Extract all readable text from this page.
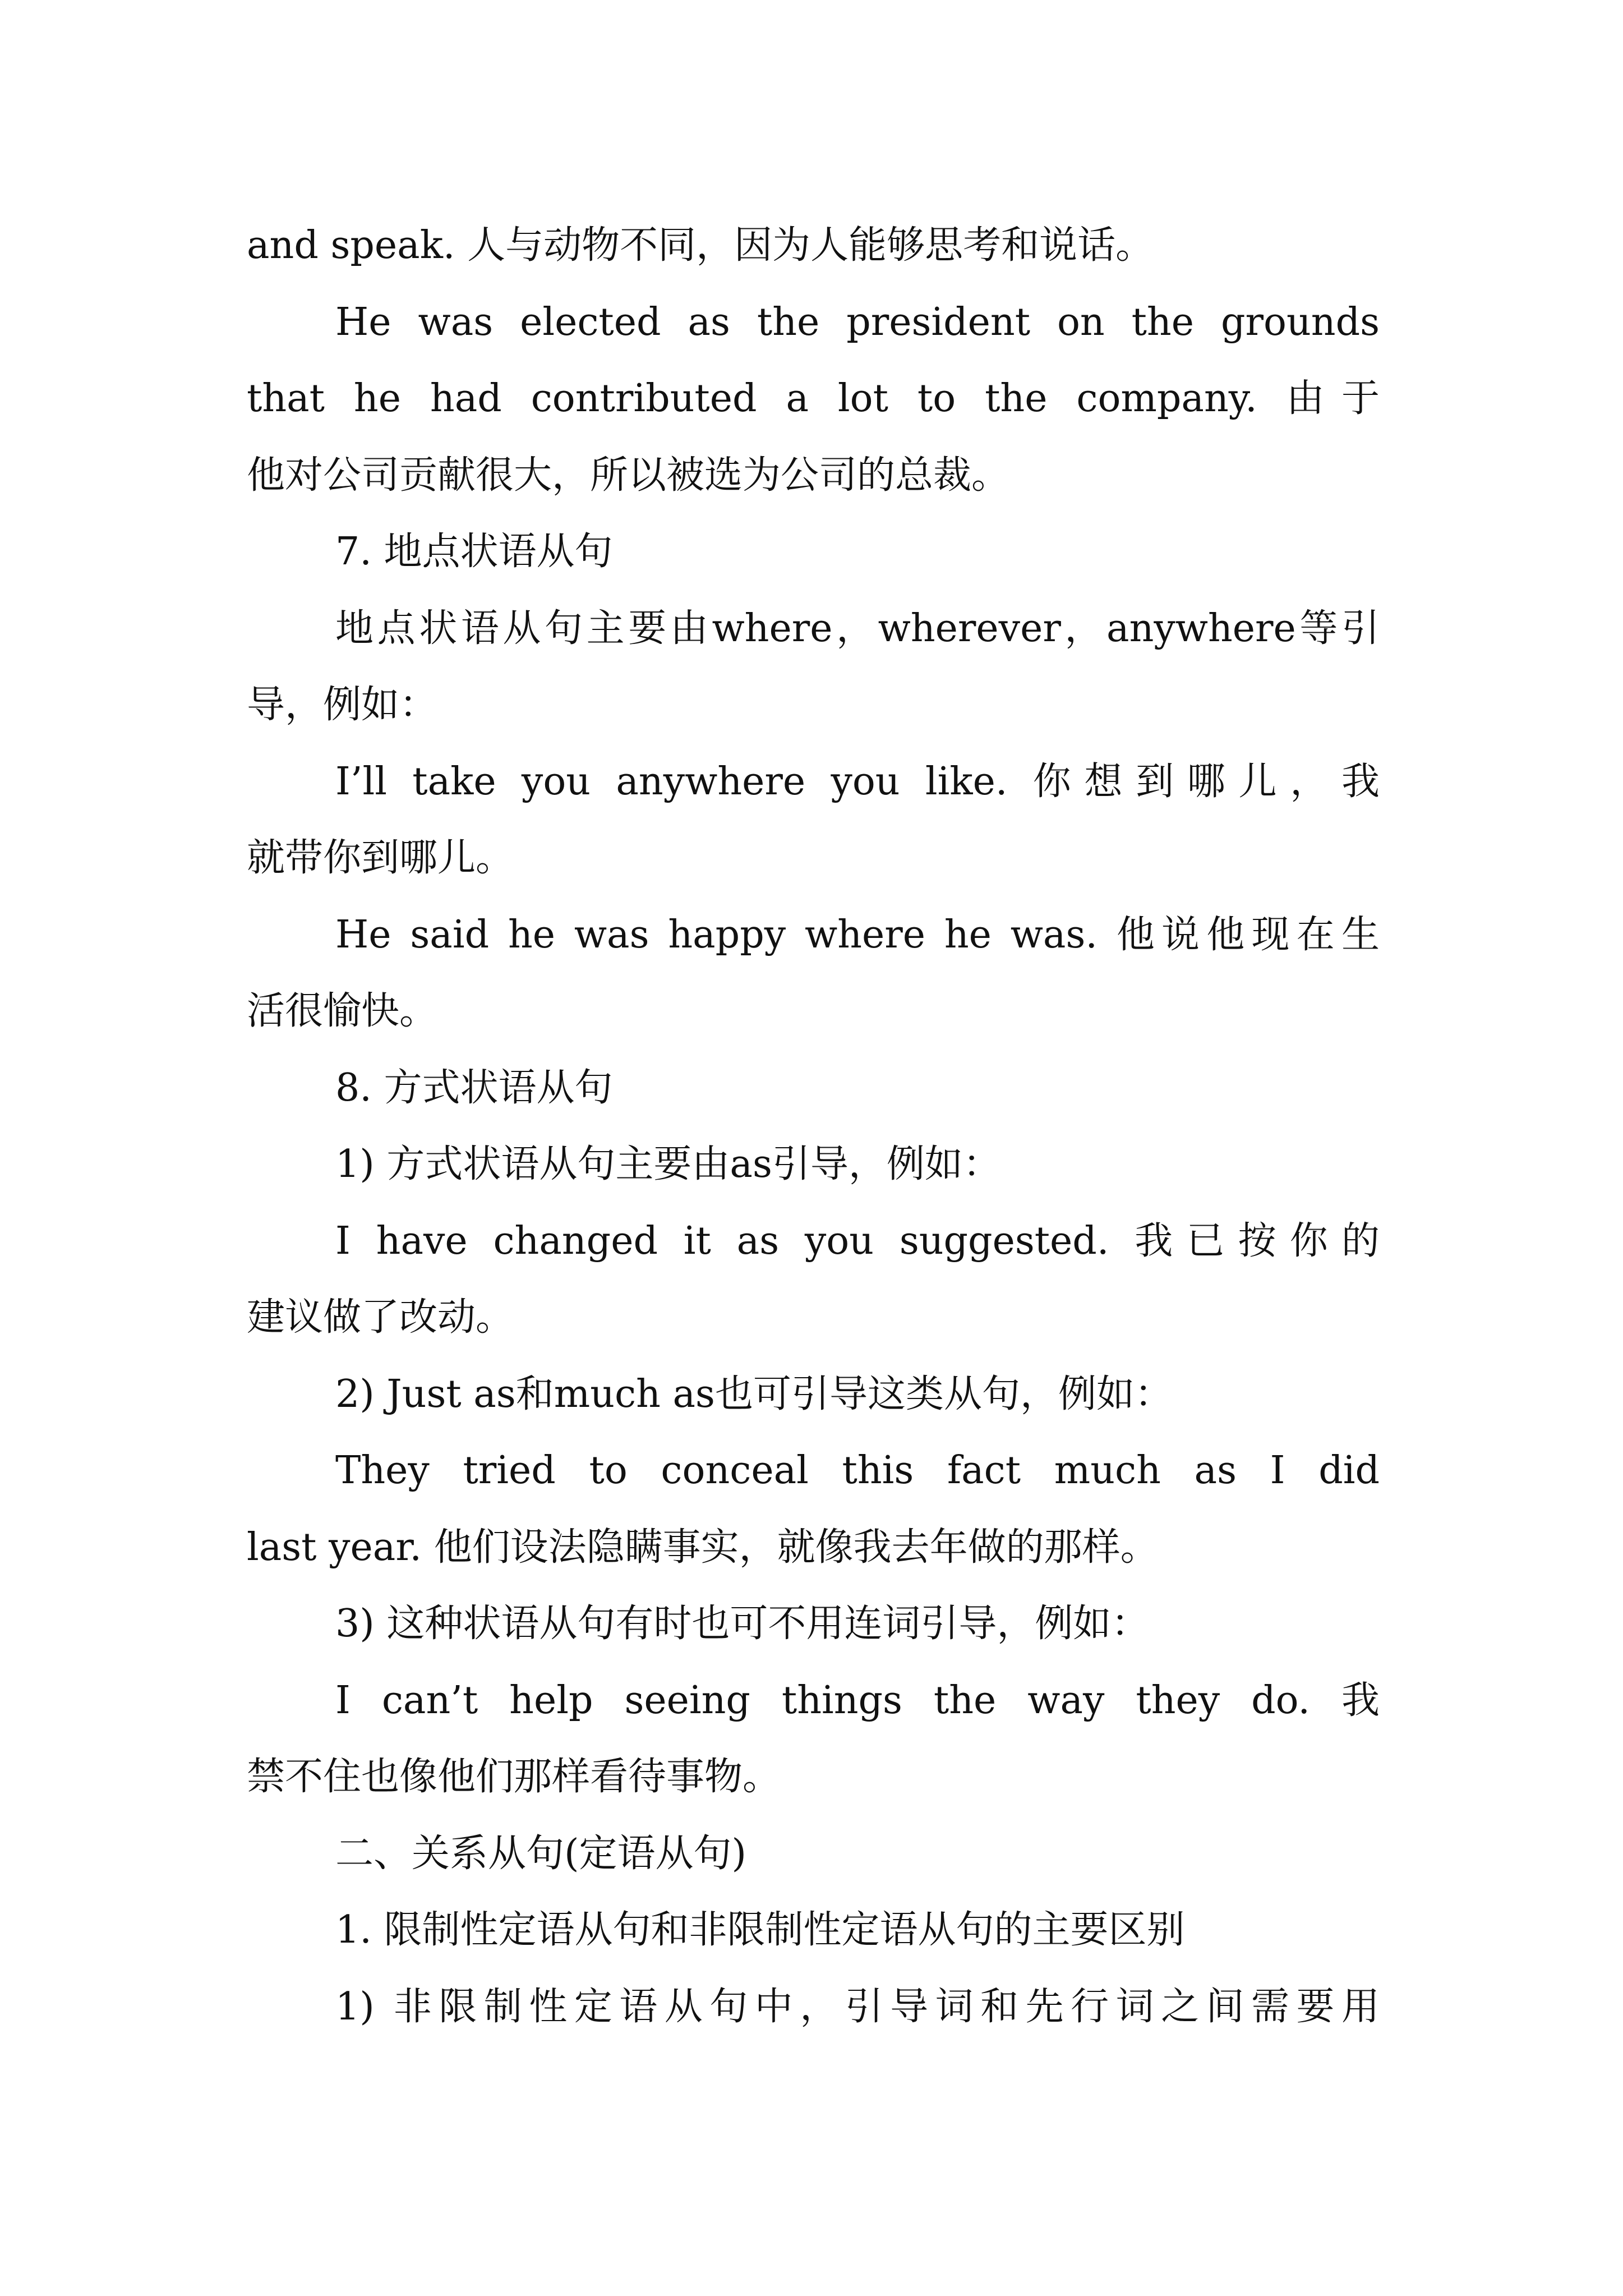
and speak. 人与动物不同，因为人能够思考和说话。
He was elected as the president on the grounds
that he had contributed a lot to the company. 由于
他对公司贡献很大，所以被选为公司的总裁。
7. 地点状语从句
地点状语从句主要由where，wherever，anywhere等引
导，例如：
I’ll take you anywhere you like. 你想到哪儿，我
就带你到哪儿。
He said he was happy where he was. 他说他现在生
活很愉快。
8. 方式状语从句
1) 方式状语从句主要由as引导，例如：
I have changed it as you suggested. 我已按你的
建议做了改动。
2) Just as和much as也可引导这类从句，例如：
They tried to conceal this fact much as I did
last year. 他们设法隐瞒事实，就像我去年做的那样。
3) 这种状语从句有时也可不用连词引导，例如：
I can’t help seeing things the way they do. 我
禁不住也像他们那样看待事物。
二、关系从句(定语从句)
1. 限制性定语从句和非限制性定语从句的主要区别
1) 非限制性定语从句中，引导词和先行词之间需要用
